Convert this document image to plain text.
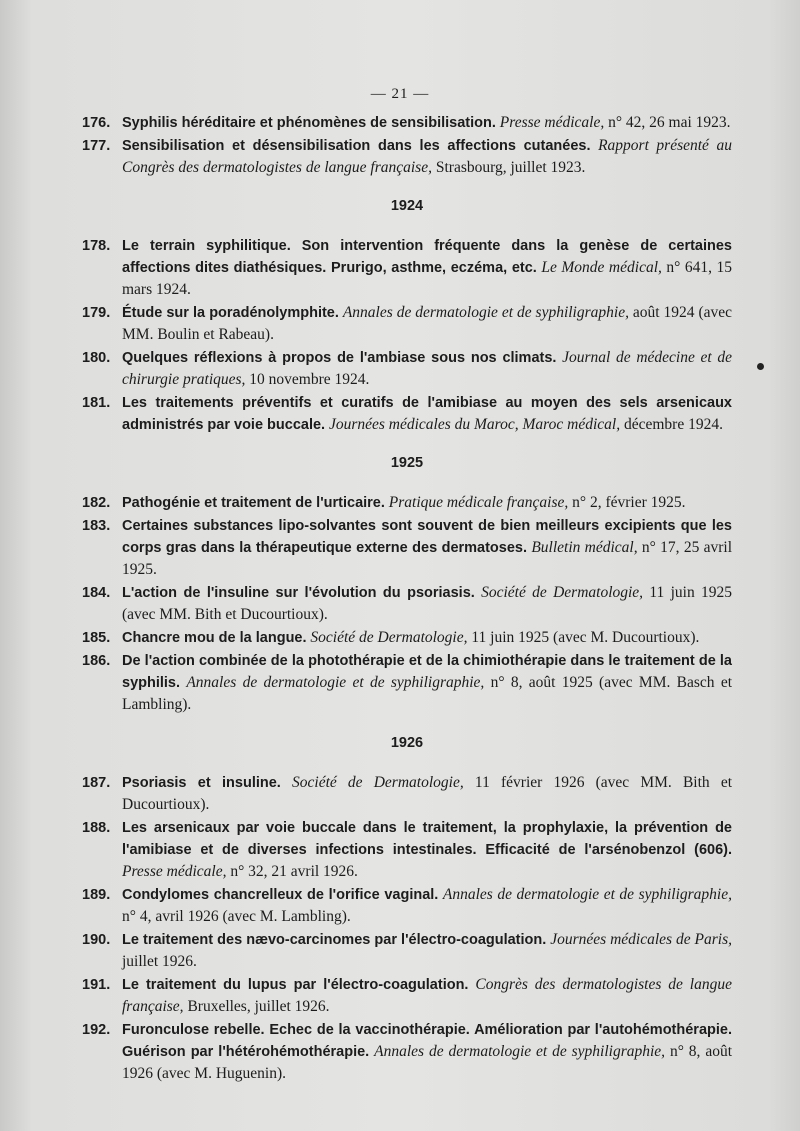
— 21 —
176. Syphilis héréditaire et phénomènes de sensibilisation. Presse médicale, n° 42, 26 mai 1923.
177. Sensibilisation et désensibilisation dans les affections cutanées. Rapport présenté au Congrès des dermatologistes de langue française, Strasbourg, juillet 1923.
1924
178. Le terrain syphilitique. Son intervention fréquente dans la genèse de certaines affections dites diathésiques. Prurigo, asthme, eczéma, etc. Le Monde médical, n° 641, 15 mars 1924.
179. Étude sur la poradénolymphite. Annales de dermatologie et de syphiligraphie, août 1924 (avec MM. Boulin et Rabeau).
180. Quelques réflexions à propos de l'ambiase sous nos climats. Journal de médecine et de chirurgie pratiques, 10 novembre 1924.
181. Les traitements préventifs et curatifs de l'amibiase au moyen des sels arsenicaux administrés par voie buccale. Journées médicales du Maroc, Maroc médical, décembre 1924.
1925
182. Pathogénie et traitement de l'urticaire. Pratique médicale française, n° 2, février 1925.
183. Certaines substances lipo-solvantes sont souvent de bien meilleurs excipients que les corps gras dans la thérapeutique externe des dermatoses. Bulletin médical, n° 17, 25 avril 1925.
184. L'action de l'insuline sur l'évolution du psoriasis. Société de Dermatologie, 11 juin 1925 (avec MM. Bith et Ducourtioux).
185. Chancre mou de la langue. Société de Dermatologie, 11 juin 1925 (avec M. Ducourtioux).
186. De l'action combinée de la photothérapie et de la chimiothérapie dans le traitement de la syphilis. Annales de dermatologie et de syphiligraphie, n° 8, août 1925 (avec MM. Basch et Lambling).
1926
187. Psoriasis et insuline. Société de Dermatologie, 11 février 1926 (avec MM. Bith et Ducourtioux).
188. Les arsenicaux par voie buccale dans le traitement, la prophylaxie, la prévention de l'amibiase et de diverses infections intestinales. Efficacité de l'arsénobenzol (606). Presse médicale, n° 32, 21 avril 1926.
189. Condylomes chancrelleux de l'orifice vaginal. Annales de dermatologie et de syphiligraphie, n° 4, avril 1926 (avec M. Lambling).
190. Le traitement des nævo-carcinomes par l'électro-coagulation. Journées médicales de Paris, juillet 1926.
191. Le traitement du lupus par l'électro-coagulation. Congrès des dermatologistes de langue française, Bruxelles, juillet 1926.
192. Furonculose rebelle. Echec de la vaccinothérapie. Amélioration par l'autohémothérapie. Guérison par l'hétérohémothérapie. Annales de dermatologie et de syphiligraphie, n° 8, août 1926 (avec M. Huguenin).
